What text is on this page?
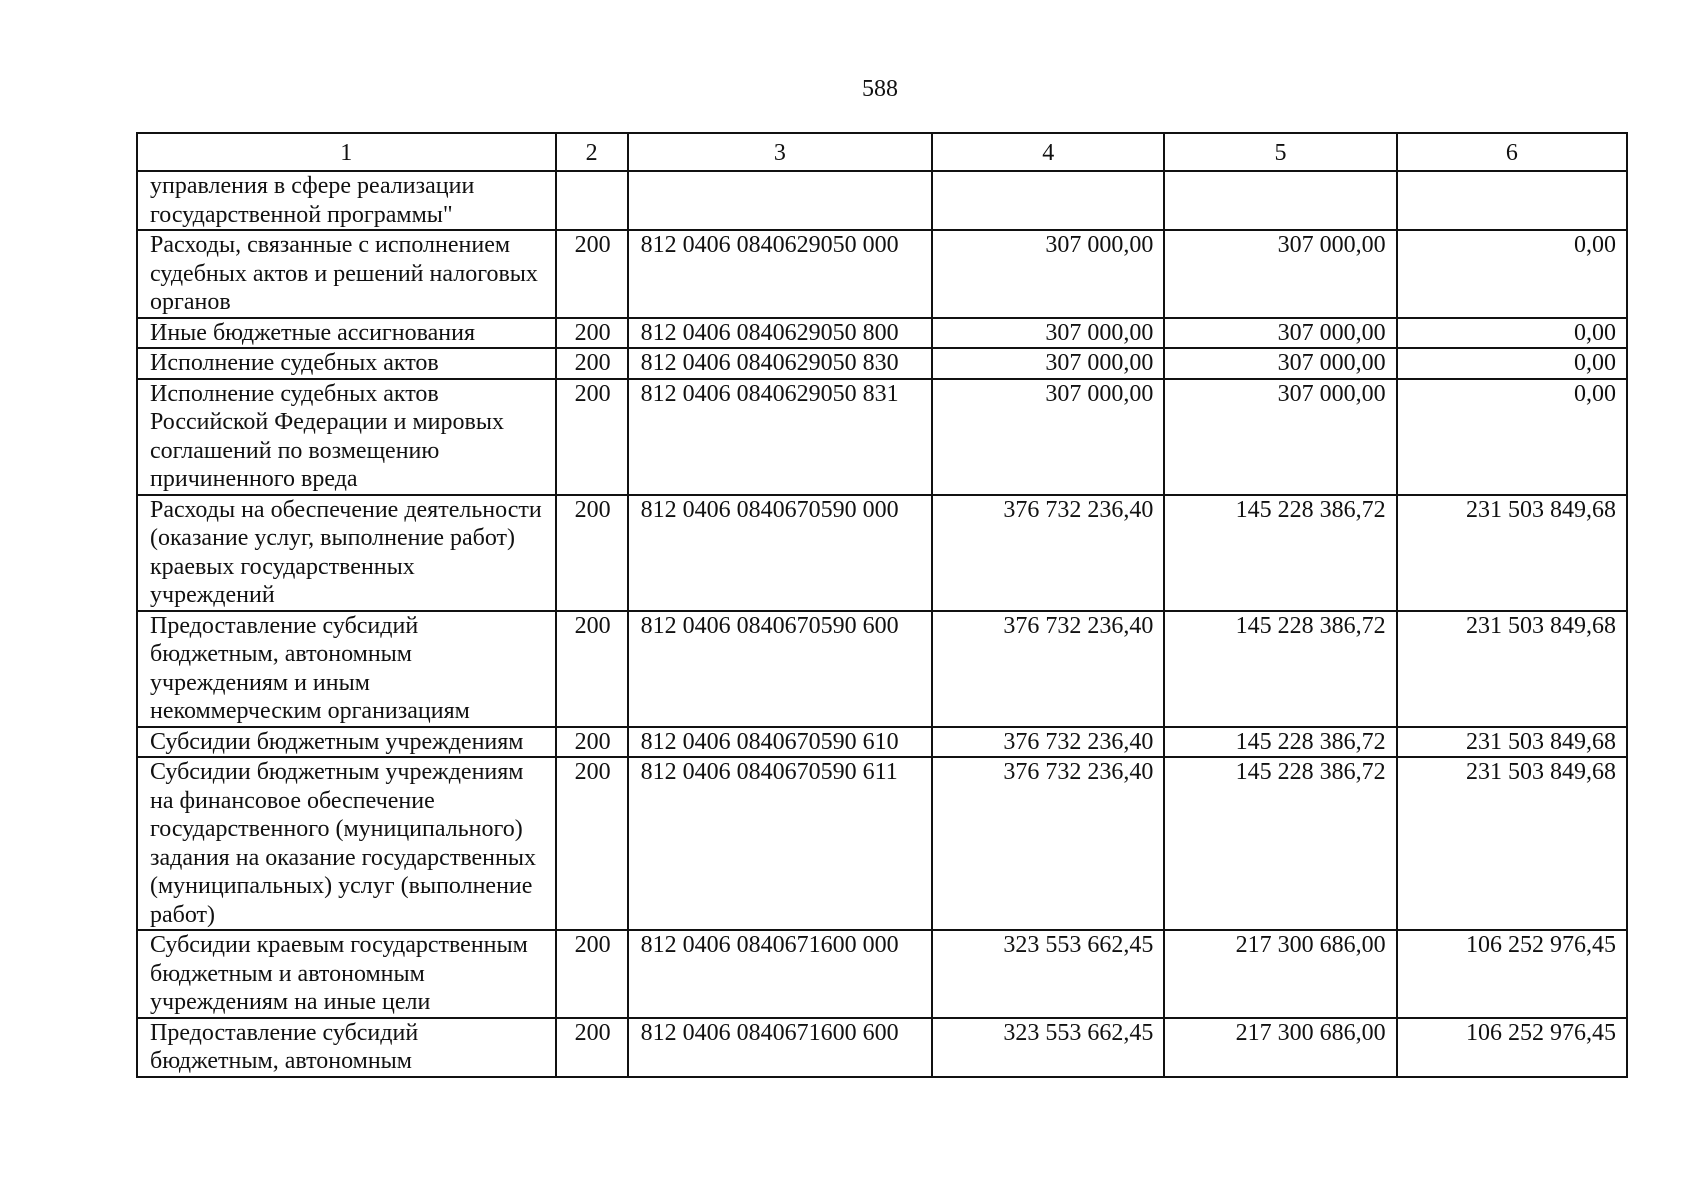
588
1	2	3	4	5	6
управления в сфере реализации государственной программы"					
Расходы, связанные с исполнением судебных актов и решений налоговых органов	200	812 0406 0840629050 000	307 000,00	307 000,00	0,00
Иные бюджетные ассигнования	200	812 0406 0840629050 800	307 000,00	307 000,00	0,00
Исполнение судебных актов	200	812 0406 0840629050 830	307 000,00	307 000,00	0,00
Исполнение судебных актов Российской Федерации и мировых соглашений по возмещению причиненного вреда	200	812 0406 0840629050 831	307 000,00	307 000,00	0,00
Расходы на обеспечение деятельности (оказание услуг, выполнение работ) краевых государственных учреждений	200	812 0406 0840670590 000	376 732 236,40	145 228 386,72	231 503 849,68
Предоставление субсидий бюджетным, автономным учреждениям и иным некоммерческим организациям	200	812 0406 0840670590 600	376 732 236,40	145 228 386,72	231 503 849,68
Субсидии бюджетным учреждениям	200	812 0406 0840670590 610	376 732 236,40	145 228 386,72	231 503 849,68
Субсидии бюджетным учреждениям на финансовое обеспечение государственного (муниципального) задания на оказание государственных (муниципальных) услуг (выполнение работ)	200	812 0406 0840670590 611	376 732 236,40	145 228 386,72	231 503 849,68
Субсидии краевым государственным бюджетным и автономным учреждениям на иные цели	200	812 0406 0840671600 000	323 553 662,45	217 300 686,00	106 252 976,45
Предоставление субсидий бюджетным, автономным	200	812 0406 0840671600 600	323 553 662,45	217 300 686,00	106 252 976,45
